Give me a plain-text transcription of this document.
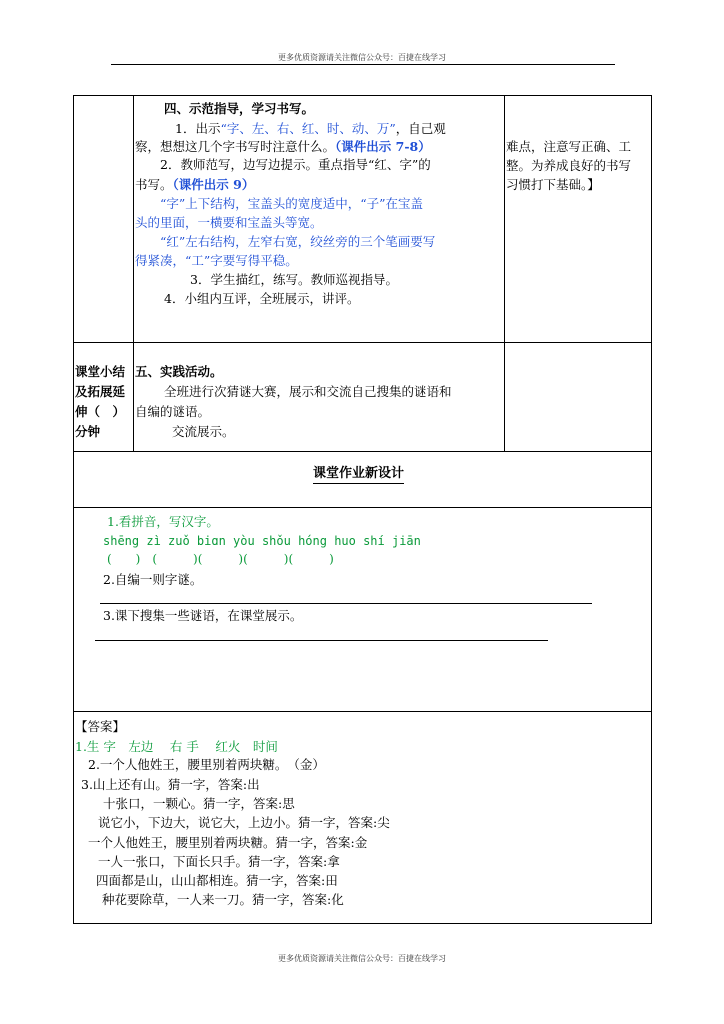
更多优质资源请关注微信公众号：百捷在线学习
更多优质资源请关注微信公众号：百捷在线学习
四、示范指导，学习书写。
1．出示“字、左、右、红、时、动、万”，自己观
察，想想这几个字书写时注意什么。（课件出示 7-8）
2．教师范写，边写边提示。重点指导“红、字”的
书写。（课件出示 9）
“字”上下结构，宝盖头的宽度适中，“子”在宝盖
头的里面，一横要和宝盖头等宽。
“红”左右结构，左窄右宽，绞丝旁的三个笔画要写
得紧凑，“工”字要写得平稳。
3．学生描红，练写。教师巡视指导。
4．小组内互评，全班展示，讲评。
难点，注意写正确、工
整。为养成良好的书写
习惯打下基础。】
课堂小结
及拓展延
伸（　）
分钟
五、实践活动。
全班进行次猜谜大赛，展示和交流自己搜集的谜语和
自编的谜语。
交流展示。
课堂作业新设计
1.看拼音，写汉字。
shēng zì zuǒ biɑn yòu shǒu hóng huo shí jiān
(　　)　(　　　)(　　　)(　　　)(　　　)
2.自编一则字谜。
3.课下搜集一些谜语，在课堂展示。
【答案】
1.生 字　左边　 右 手　 红火　时间
2.一个人他姓王，腰里别着两块糖。　（金）
3.山上还有山。猜一字，答案:出
十张口，一颗心。猜一字，答案:思
说它小，下边大，说它大，上边小。猜一字，答案:尖
一个人他姓王，腰里别着两块糖。猜一字，答案:金
一人一张口，下面长只手。猜一字，答案:拿
四面都是山，山山都相连。猜一字，答案:田
种花要除草，一人来一刀。猜一字，答案:化
